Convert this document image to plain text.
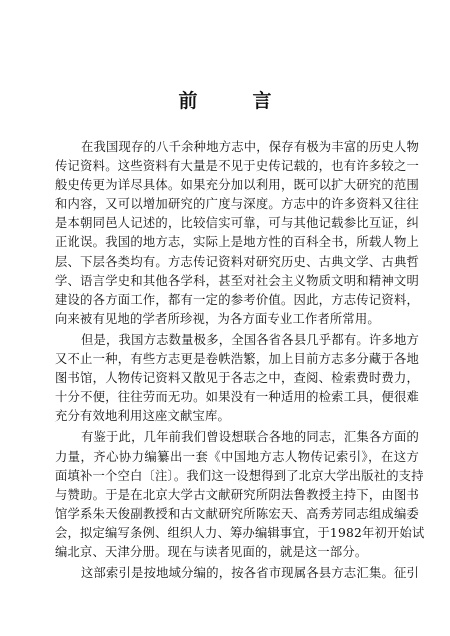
前　言
在我国现存的八千余种地方志中，保存有极为丰富的历史人物
传记资料。这些资料有大量是不见于史传记载的，也有许多较之一
般史传更为详尽具体。如果充分加以利用，既可以扩大研究的范围
和内容，又可以增加研究的广度与深度。方志中的许多资料又往往
是本朝同邑人记述的，比较信实可靠，可与其他记载参比互证，纠
正讹误。我国的地方志，实际上是地方性的百科全书，所载人物上
层、下层各类均有。方志传记资料对研究历史、古典文学、古典哲
学、语言学史和其他各学科，甚至对社会主义物质文明和精神文明
建设的各方面工作，都有一定的参考价值。因此，方志传记资料，
向来被有见地的学者所珍视，为各方面专业工作者所常用。
但是，我国方志数量极多，全国各省各县几乎都有。许多地方
又不止一种，有些方志更是卷帙浩繁，加上目前方志多分藏于各地
图书馆，人物传记资料又散见于各志之中，查阅、检索费时费力，
十分不便，往往劳而无功。如果没有一种适用的检索工具，便很难
充分有效地利用这座文献宝库。
有鉴于此，几年前我们曾设想联合各地的同志，汇集各方面的
力量，齐心协力编纂出一套《中国地方志人物传记索引》，在这方
面填补一个空白〔注〕。我们这一设想得到了北京大学出版社的支持
与赞助。于是在北京大学古文献研究所阴法鲁教授主持下，由图书
馆学系朱天俊副教授和古文献研究所陈宏天、高秀芳同志组成编委
会，拟定编写条例、组织人力、筹办编辑事宜，于1982年初开始试
编北京、天津分册。现在与读者见面的，就是这一部分。
这部索引是按地域分编的，按各省市现属各县方志汇集。征引
